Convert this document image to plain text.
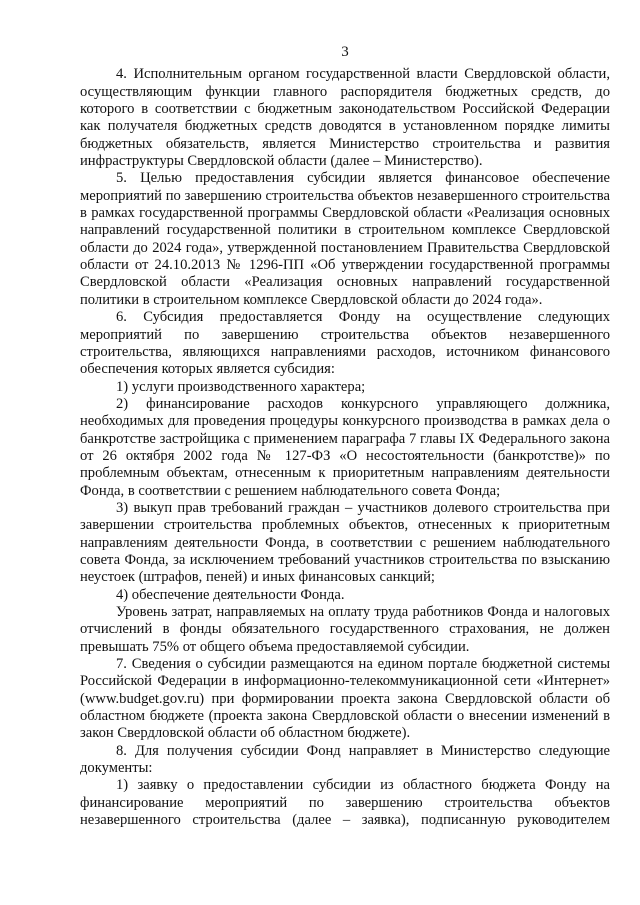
3

4. Исполнительным органом государственной власти Свердловской области, осуществляющим функции главного распорядителя бюджетных средств, до которого в соответствии с бюджетным законодательством Российской Федерации как получателя бюджетных средств доводятся в установленном порядке лимиты бюджетных обязательств, является Министерство строительства и развития инфраструктуры Свердловской области (далее – Министерство).

5. Целью предоставления субсидии является финансовое обеспечение мероприятий по завершению строительства объектов незавершенного строительства в рамках государственной программы Свердловской области «Реализация основных направлений государственной политики в строительном комплексе Свердловской области до 2024 года», утвержденной постановлением Правительства Свердловской области от 24.10.2013 № 1296-ПП «Об утверждении государственной программы Свердловской области «Реализация основных направлений государственной политики в строительном комплексе Свердловской области до 2024 года».

6. Субсидия предоставляется Фонду на осуществление следующих мероприятий по завершению строительства объектов незавершенного строительства, являющихся направлениями расходов, источником финансового обеспечения которых является субсидия:

1) услуги производственного характера;

2) финансирование расходов конкурсного управляющего должника, необходимых для проведения процедуры конкурсного производства в рамках дела о банкротстве застройщика с применением параграфа 7 главы IX Федерального закона от 26 октября 2002 года № 127-ФЗ «О несостоятельности (банкротстве)» по проблемным объектам, отнесенным к приоритетным направлениям деятельности Фонда, в соответствии с решением наблюдательного совета Фонда;

3) выкуп прав требований граждан – участников долевого строительства при завершении строительства проблемных объектов, отнесенных к приоритетным направлениям деятельности Фонда, в соответствии с решением наблюдательного совета Фонда, за исключением требований участников строительства по взысканию неустоек (штрафов, пеней) и иных финансовых санкций;

4) обеспечение деятельности Фонда.

Уровень затрат, направляемых на оплату труда работников Фонда и налоговых отчислений в фонды обязательного государственного страхования, не должен превышать 75% от общего объема предоставляемой субсидии.

7. Сведения о субсидии размещаются на едином портале бюджетной системы Российской Федерации в информационно-телекоммуникационной сети «Интернет» (www.budget.gov.ru) при формировании проекта закона Свердловской области об областном бюджете (проекта закона Свердловской области о внесении изменений в закон Свердловской области об областном бюджете).

8. Для получения субсидии Фонд направляет в Министерство следующие документы:

1) заявку о предоставлении субсидии из областного бюджета Фонду на финансирование мероприятий по завершению строительства объектов незавершенного строительства (далее – заявка), подписанную руководителем
